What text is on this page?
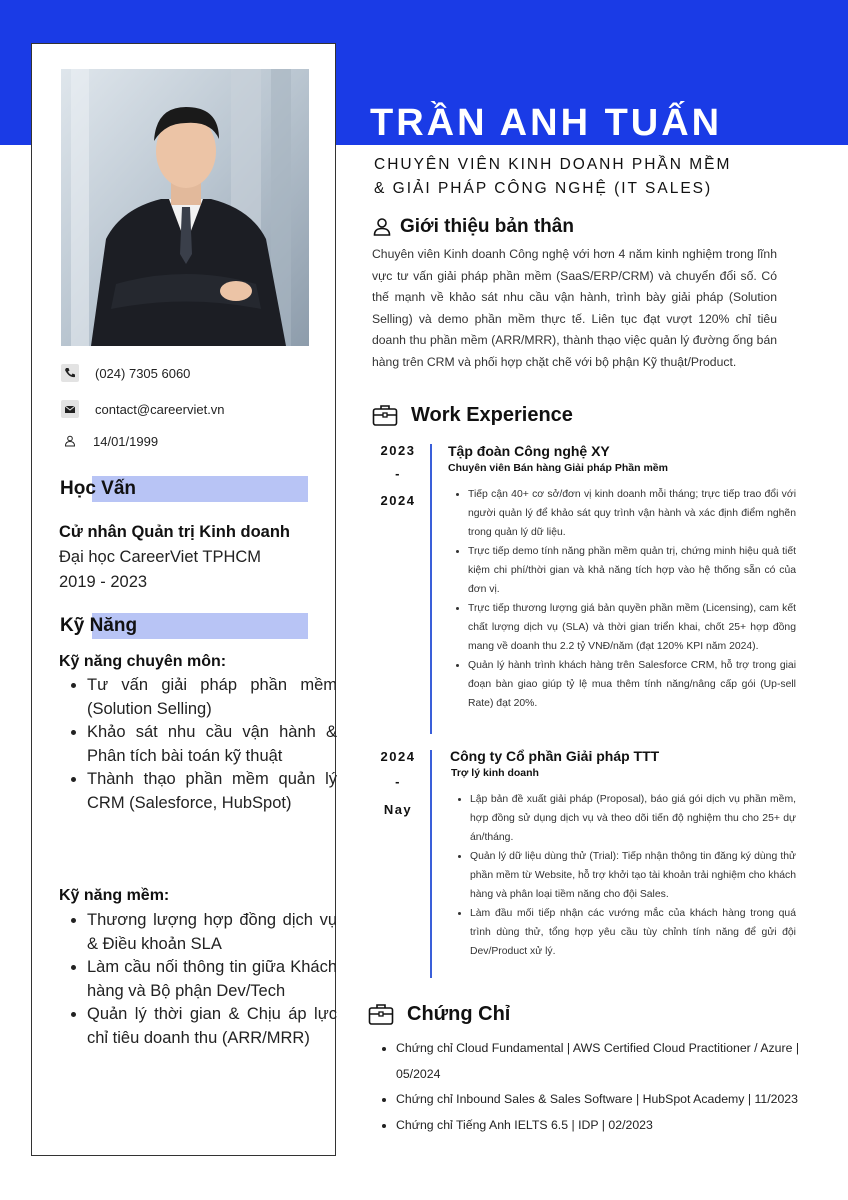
(024) 7305 6060
contact@careerviet.vn
14/01/1999
Học Vấn
Cử nhân Quản trị Kinh doanh
Đại học CareerViet TPHCM
2019 - 2023
Kỹ Năng
Kỹ năng chuyên môn:
• Tư vấn giải pháp phần mềm (Solution Selling)
• Khảo sát nhu cầu vận hành & Phân tích bài toán kỹ thuật
• Thành thạo phần mềm quản lý CRM (Salesforce, HubSpot)
Kỹ năng mềm:
• Thương lượng hợp đồng dịch vụ & Điều khoản SLA
• Làm cầu nối thông tin giữa Khách hàng và Bộ phận Dev/Tech
• Quản lý thời gian & Chịu áp lực chỉ tiêu doanh thu (ARR/MRR)
TRẦN ANH TUẤN
CHUYÊN VIÊN KINH DOANH PHẦN MỀM
& GIẢI PHÁP CÔNG NGHỆ (IT SALES)
Giới thiệu bản thân

Chuyên viên Kinh doanh Công nghệ với hơn 4 năm kinh nghiệm trong lĩnh vực tư vấn giải pháp phần mềm (SaaS/ERP/CRM) và chuyển đổi số. Có thế mạnh về khảo sát nhu cầu vận hành, trình bày giải pháp (Solution Selling) và demo phần mềm thực tế. Liên tục đạt vượt 120% chỉ tiêu doanh thu phần mềm (ARR/MRR), thành thạo việc quản lý đường ống bán hàng trên CRM và phối hợp chặt chẽ với bộ phận Kỹ thuật/Product.

Work Experience
2023
-
2024
Tập đoàn Công nghệ XY
Chuyên viên Bán hàng Giải pháp Phần mềm
• Tiếp cận 40+ cơ sở/đơn vị kinh doanh mỗi tháng; trực tiếp trao đổi với người quản lý để khảo sát quy trình vận hành và xác định điểm nghẽn trong quản lý dữ liệu.
• Trực tiếp demo tính năng phần mềm quản trị, chứng minh hiệu quả tiết kiệm chi phí/thời gian và khả năng tích hợp vào hệ thống sẵn có của đơn vị.
• Trực tiếp thương lượng giá bản quyền phần mềm (Licensing), cam kết chất lượng dịch vụ (SLA) và thời gian triển khai, chốt 25+ hợp đồng mang về doanh thu 2.2 tỷ VNĐ/năm (đạt 120% KPI năm 2024).
• Quản lý hành trình khách hàng trên Salesforce CRM, hỗ trợ trong giai đoạn bàn giao giúp tỷ lệ mua thêm tính năng/nâng cấp gói (Up-sell Rate) đạt 20%.
2024
-
Nay
Công ty Cổ phần Giải pháp TTT
Trợ lý kinh doanh
• Lập bản đề xuất giải pháp (Proposal), báo giá gói dịch vụ phần mềm, hợp đồng sử dụng dịch vụ và theo dõi tiến độ nghiệm thu cho 25+ dự án/tháng.
• Quản lý dữ liệu dùng thử (Trial): Tiếp nhận thông tin đăng ký dùng thử phần mềm từ Website, hỗ trợ khởi tạo tài khoản trải nghiệm cho khách hàng và phân loại tiềm năng cho đội Sales.
• Làm đầu mối tiếp nhận các vướng mắc của khách hàng trong quá trình dùng thử, tổng hợp yêu cầu tùy chỉnh tính năng để gửi đội Dev/Product xử lý.
Chứng Chỉ
• Chứng chỉ Cloud Fundamental | AWS Certified Cloud Practitioner / Azure | 05/2024
• Chứng chỉ Inbound Sales & Sales Software | HubSpot Academy | 11/2023
• Chứng chỉ Tiếng Anh IELTS 6.5 | IDP | 02/2023
